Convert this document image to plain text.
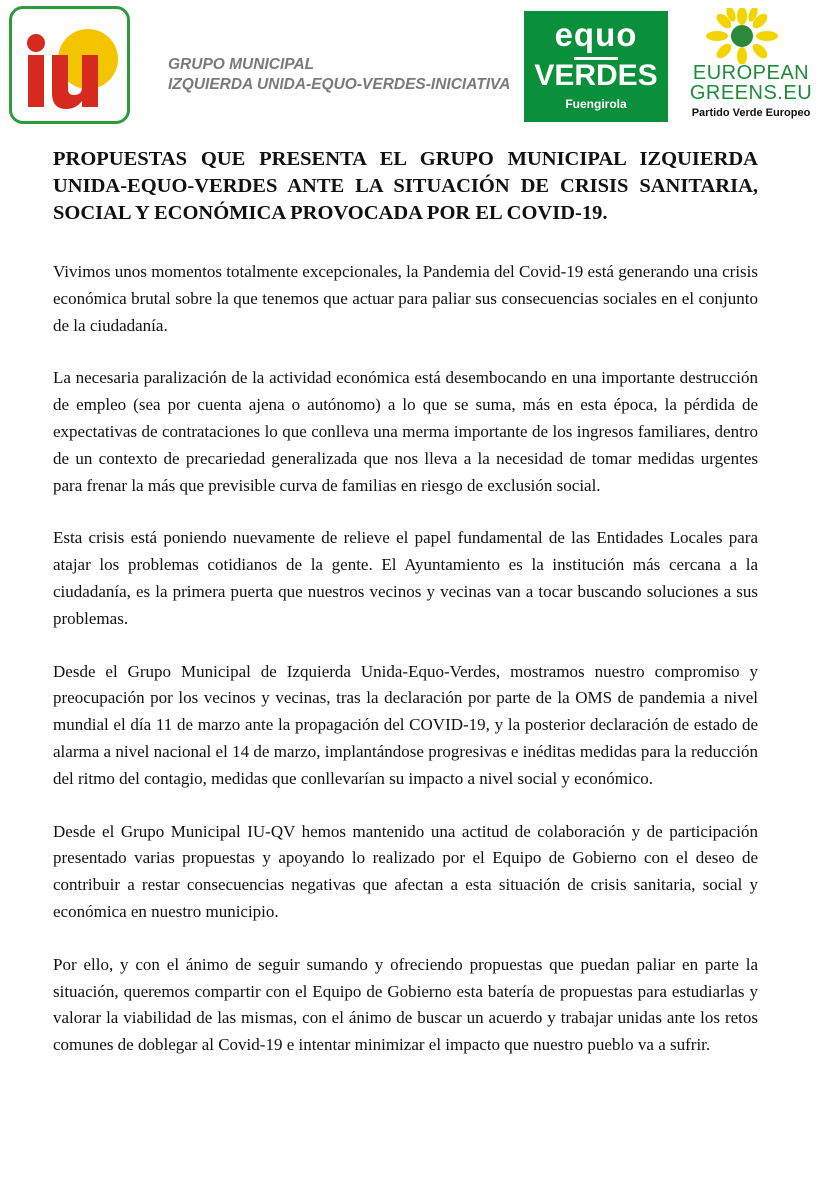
GRUPO MUNICIPAL
IZQUIERDA UNIDA-EQUO-VERDES-INICIATIVA
equo
VERDES
Fuengirola
EUROPEAN
GREENS.EU
Partido Verde Europeo
PROPUESTAS QUE PRESENTA EL GRUPO MUNICIPAL IZQUIERDA UNIDA-EQUO-VERDES ANTE LA SITUACIÓN DE CRISIS SANITARIA, SOCIAL Y ECONÓMICA PROVOCADA POR EL COVID-19.

Vivimos unos momentos totalmente excepcionales, la Pandemia del Covid-19 está generando una crisis económica brutal sobre la que tenemos que actuar para paliar sus consecuencias sociales en el conjunto de la ciudadanía.

La necesaria paralización de la actividad económica está desembocando en una importante destrucción de empleo (sea por cuenta ajena o autónomo) a lo que se suma, más en esta época, la pérdida de expectativas de contrataciones lo que conlleva una merma importante de los ingresos familiares, dentro de un contexto de precariedad generalizada que nos lleva a la necesidad de tomar medidas urgentes para frenar la más que previsible curva de familias en riesgo de exclusión social.

Esta crisis está poniendo nuevamente de relieve el papel fundamental de las Entidades Locales para atajar los problemas cotidianos de la gente. El Ayuntamiento es la institución más cercana a la ciudadanía, es la primera puerta que nuestros vecinos y vecinas van a tocar buscando soluciones a sus problemas.

Desde el Grupo Municipal de Izquierda Unida-Equo-Verdes, mostramos nuestro compromiso y preocupación por los vecinos y vecinas, tras la declaración por parte de la OMS de pandemia a nivel mundial el día 11 de marzo ante la propagación del COVID-19, y la posterior declaración de estado de alarma a nivel nacional el 14 de marzo, implantándose progresivas e inéditas medidas para la reducción del ritmo del contagio, medidas que conllevarían su impacto a nivel social y económico.

Desde el Grupo Municipal IU-QV hemos mantenido una actitud de colaboración y de participación presentado varias propuestas y apoyando lo realizado por el Equipo de Gobierno con el deseo de contribuir a restar consecuencias negativas que afectan a esta situación de crisis sanitaria, social y económica en nuestro municipio.

Por ello, y con el ánimo de seguir sumando y ofreciendo propuestas que puedan paliar en parte la situación, queremos compartir con el Equipo de Gobierno esta batería de propuestas para estudiarlas y valorar la viabilidad de las mismas, con el ánimo de buscar un acuerdo y trabajar unidas ante los retos comunes de doblegar al Covid-19 e intentar minimizar el impacto que nuestro pueblo va a sufrir.
